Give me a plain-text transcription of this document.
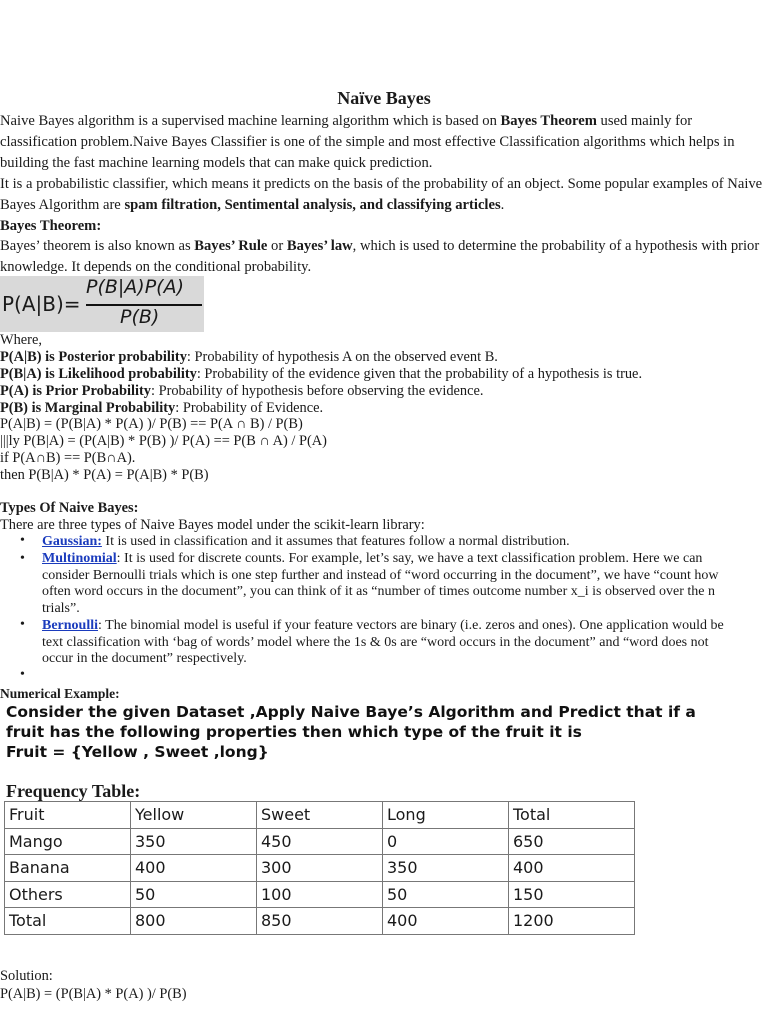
Naïve Bayes
Naive Bayes algorithm is a supervised machine learning algorithm which is based on Bayes Theorem used mainly for classification problem.Naive Bayes Classifier is one of the simple and most effective Classification algorithms which helps in building the fast machine learning models that can make quick prediction.
It is a probabilistic classifier, which means it predicts on the basis of the probability of an object. Some popular examples of Naive Bayes Algorithm are spam filtration, Sentimental analysis, and classifying articles.
Bayes Theorem:
Bayes’ theorem is also known as Bayes’ Rule or Bayes’ law, which is used to determine the probability of a hypothesis with prior knowledge. It depends on the conditional probability.
P(A|B)=
P(B|A)P(A)
P(B)
Where,
P(A|B) is Posterior probability: Probability of hypothesis A on the observed event B.
P(B|A) is Likelihood probability: Probability of the evidence given that the probability of a hypothesis is true.
P(A) is Prior Probability: Probability of hypothesis before observing the evidence.
P(B) is Marginal Probability: Probability of Evidence.
P(A|B) = (P(B|A) * P(A) )/ P(B) == P(A ∩ B) / P(B)
|||ly P(B|A) = (P(A|B) * P(B) )/ P(A) == P(B ∩ A) / P(A)
if P(A∩B) == P(B∩A).
then P(B|A) * P(A) = P(A|B) * P(B)
Types Of Naive Bayes:
There are three types of Naive Bayes model under the scikit-learn library:
• Gaussian: It is used in classification and it assumes that features follow a normal distribution.
• Multinomial: It is used for discrete counts. For example, let’s say, we have a text classification problem. Here we can consider Bernoulli trials which is one step further and instead of “word occurring in the document”, we have “count how often word occurs in the document”, you can think of it as “number of times outcome number x_i is observed over the n trials”.
• Bernoulli: The binomial model is useful if your feature vectors are binary (i.e. zeros and ones). One application would be text classification with ‘bag of words’ model where the 1s & 0s are “word occurs in the document” and “word does not occur in the document” respectively.
•
Numerical Example:
Consider the given Dataset ,Apply Naive Baye’s Algorithm and Predict that if a
fruit has the following properties then which type of the fruit it is
Fruit = {Yellow , Sweet ,long}
Frequency Table:
Fruit	Yellow	Sweet	Long	Total
Mango	350	450	0	650
Banana	400	300	350	400
Others	50	100	50	150
Total	800	850	400	1200
Solution:
P(A|B) = (P(B|A) * P(A) )/ P(B)
